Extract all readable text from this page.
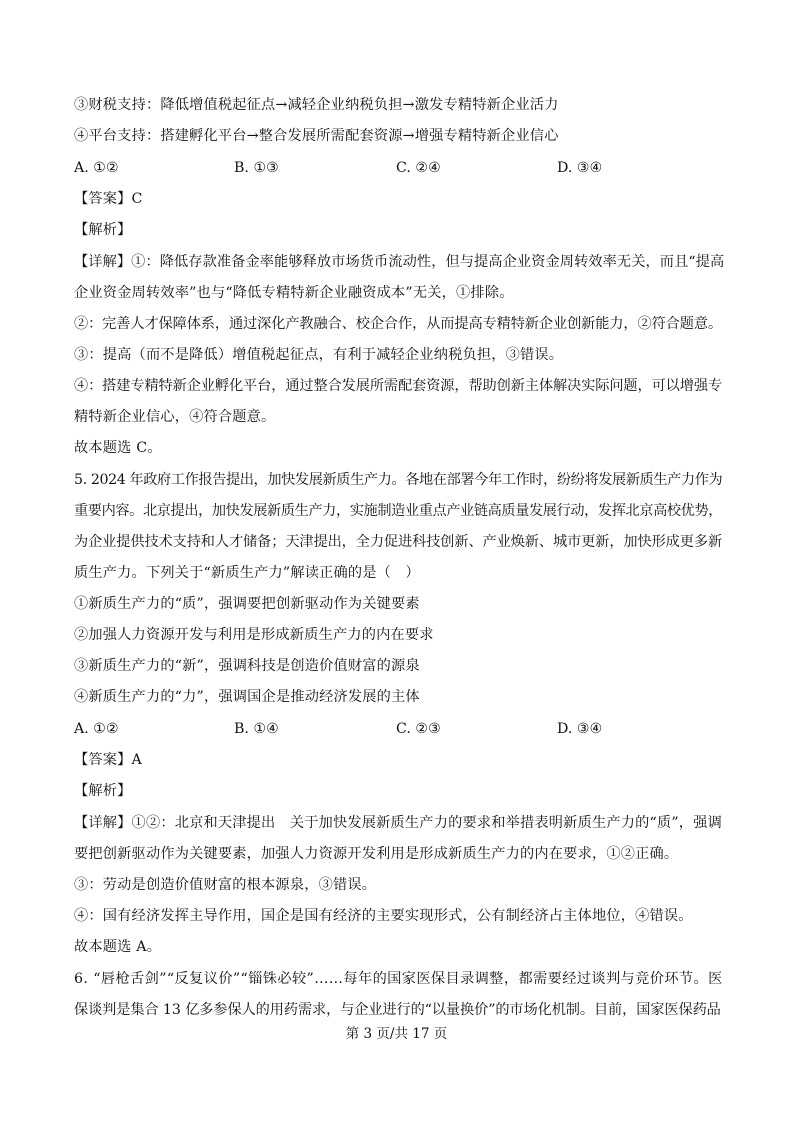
③财税支持：降低增值税起征点→减轻企业纳税负担→激发专精特新企业活力
④平台支持：搭建孵化平台→整合发展所需配套资源→增强专精特新企业信心
A. ①②	B. ①③	C. ②④	D. ③④
【答案】C
【解析】
【详解】①：降低存款准备金率能够释放市场货币流动性，但与提高企业资金周转效率无关，而且“提高
企业资金周转效率”也与“降低专精特新企业融资成本”无关，①排除。
②：完善人才保障体系，通过深化产教融合、校企合作，从而提高专精特新企业创新能力，②符合题意。
③：提高（而不是降低）增值税起征点，有利于减轻企业纳税负担，③错误。
④：搭建专精特新企业孵化平台，通过整合发展所需配套资源，帮助创新主体解决实际问题，可以增强专
精特新企业信心，④符合题意。
故本题选 C。
5. 2024 年政府工作报告提出，加快发展新质生产力。各地在部署今年工作时，纷纷将发展新质生产力作为
重要内容。北京提出，加快发展新质生产力，实施制造业重点产业链高质量发展行动，发挥北京高校优势，
为企业提供技术支持和人才储备；天津提出，全力促进科技创新、产业焕新、城市更新，加快形成更多新
质生产力。下列关于“新质生产力”解读正确的是（　）
①新质生产力的“质”，强调要把创新驱动作为关键要素
②加强人力资源开发与利用是形成新质生产力的内在要求
③新质生产力的“新”，强调科技是创造价值财富的源泉
④新质生产力的“力”，强调国企是推动经济发展的主体
A. ①②	B. ①④	C. ②③	D. ③④
【答案】A
【解析】
【详解】①②：北京和天津提出　关于加快发展新质生产力的要求和举措表明新质生产力的“质”，强调
要把创新驱动作为关键要素，加强人力资源开发利用是形成新质生产力的内在要求，①②正确。
③：劳动是创造价值财富的根本源泉，③错误。
④：国有经济发挥主导作用，国企是国有经济的主要实现形式，公有制经济占主体地位，④错误。
故本题选 A。
6. “唇枪舌剑”“反复议价”“锱铢必较”……每年的国家医保目录调整，都需要经过谈判与竞价环节。医
保谈判是集合 13 亿多参保人的用药需求，与企业进行的“以量换价”的市场化机制。目前，国家医保药品
第 3 页/共 17 页
